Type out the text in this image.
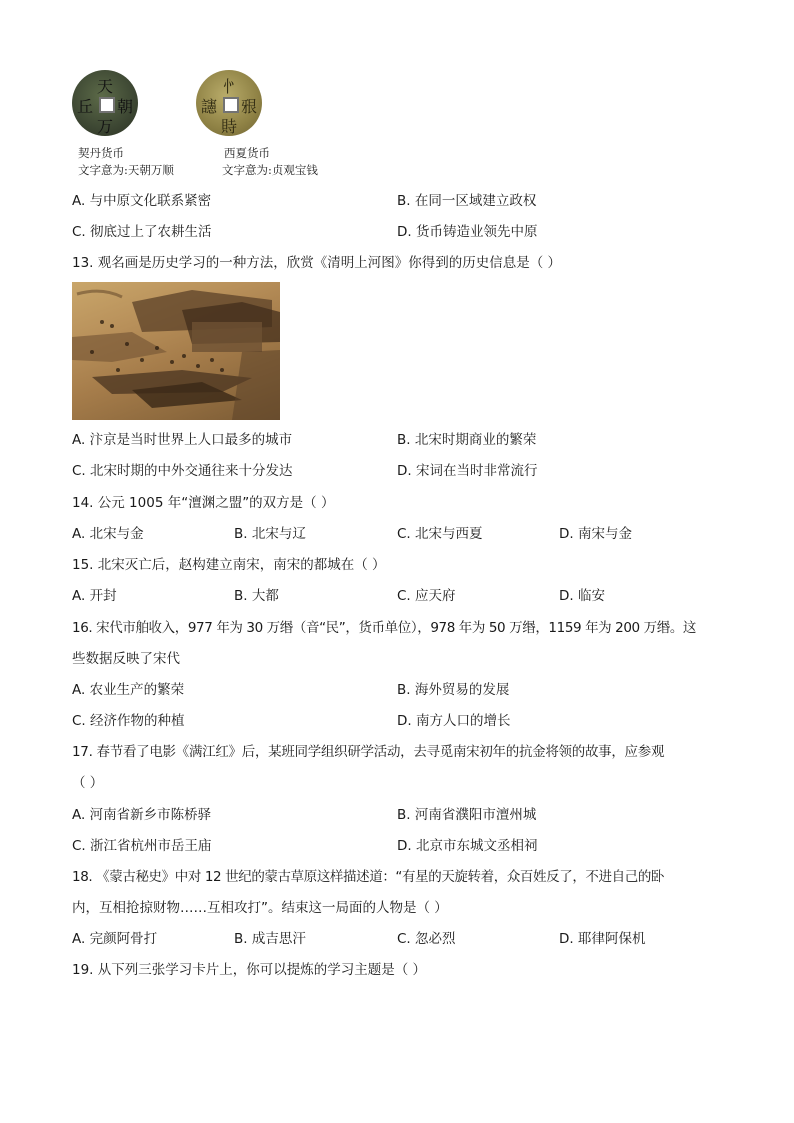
天
万
丘 朝
㣺
䝰
䜢 㸧
契丹货币	西夏货币
文字意为:天朝万顺	文字意为:贞观宝钱
A. 与中原文化联系紧密	B. 在同一区域建立政权
C. 彻底过上了农耕生活	D. 货币铸造业领先中原
13. 观名画是历史学习的一种方法，欣赏《清明上河图》你得到的历史信息是（ ）
A. 汴京是当时世界上人口最多的城市	B. 北宋时期商业的繁荣
C. 北宋时期的中外交通往来十分发达	D. 宋词在当时非常流行
14. 公元 1005 年“澶渊之盟”的双方是（ ）
A. 北宋与金	B. 北宋与辽	C. 北宋与西夏	D. 南宋与金
15. 北宋灭亡后，赵构建立南宋，南宋的都城在（ ）
A. 开封	B. 大都	C. 应天府	D. 临安
16. 宋代市舶收入，977 年为 30 万缗（音“民”，货币单位），978 年为 50 万缗，1159 年为 200 万缗。这
些数据反映了宋代
A. 农业生产的繁荣	B. 海外贸易的发展
C. 经济作物的种植	D. 南方人口的增长
17. 春节看了电影《满江红》后，某班同学组织研学活动，去寻觅南宋初年的抗金将领的故事，应参观
（ ）
A. 河南省新乡市陈桥驿	B. 河南省濮阳市澶州城
C. 浙江省杭州市岳王庙	D. 北京市东城文丞相祠
18. 《蒙古秘史》中对 12 世纪的蒙古草原这样描述道：“有星的天旋转着，众百姓反了，不进自己的卧
内，互相抢掠财物……互相攻打”。结束这一局面的人物是（ ）
A. 完颜阿骨打	B. 成吉思汗	C. 忽必烈	D. 耶律阿保机
19. 从下列三张学习卡片上，你可以提炼的学习主题是（ ）
